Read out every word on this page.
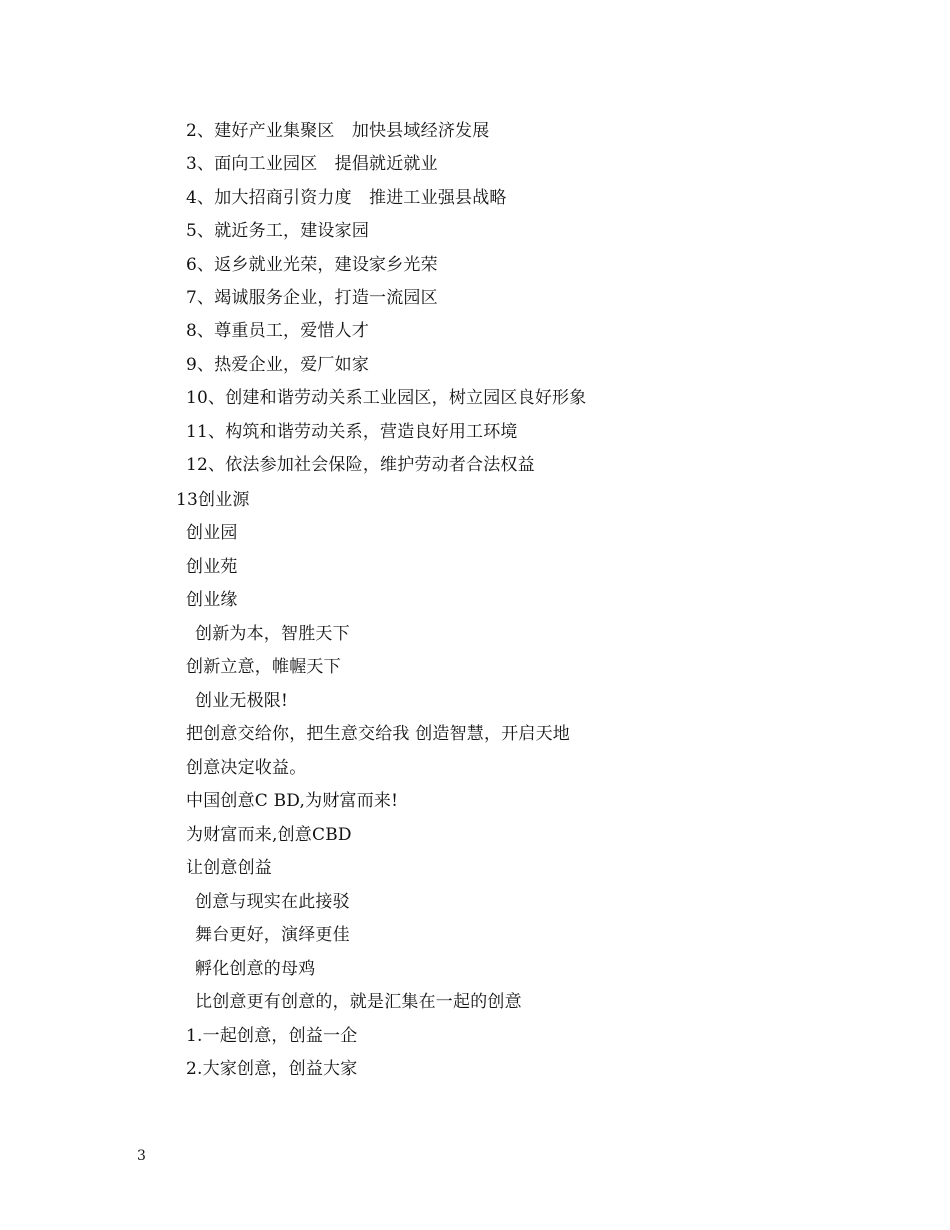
2、建好产业集聚区　加快县域经济发展
3、面向工业园区　提倡就近就业
4、加大招商引资力度　推进工业强县战略
5、就近务工，建设家园
6、返乡就业光荣，建设家乡光荣
7、竭诚服务企业，打造一流园区
8、尊重员工，爱惜人才
9、热爱企业，爱厂如家
10、创建和谐劳动关系工业园区，树立园区良好形象
11、构筑和谐劳动关系，营造良好用工环境
12、依法参加社会保险，维护劳动者合法权益
13创业源
创业园
创业苑
创业缘
创新为本，智胜天下
创新立意，帷幄天下
创业无极限!
把创意交给你，把生意交给我 创造智慧，开启天地
创意决定收益。
中国创意C BD,为财富而来!
为财富而来,创意CBD
让创意创益
创意与现实在此接驳
舞台更好，演绎更佳
孵化创意的母鸡
比创意更有创意的，就是汇集在一起的创意
1.一起创意，创益一企
2.大家创意，创益大家
3
